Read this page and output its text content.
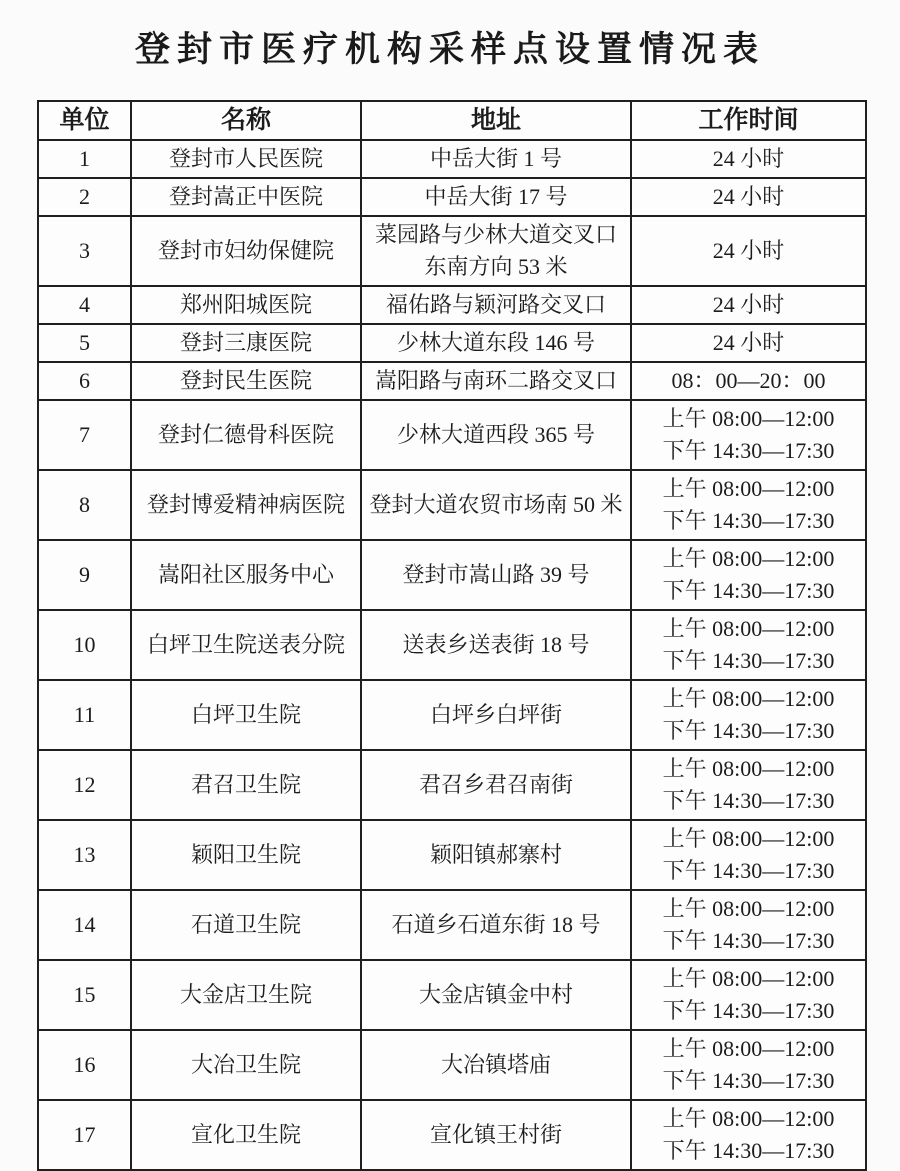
登封市医疗机构采样点设置情况表
单位	名称	地址	工作时间

1	登封市人民医院	中岳大街 1 号	24 小时

2	登封嵩正中医院	中岳大街 17 号	24 小时

3	登封市妇幼保健院	菜园路与少林大道交叉口
东南方向 53 米	24 小时

4	郑州阳城医院	福佑路与颖河路交叉口	24 小时

5	登封三康医院	少林大道东段 146 号	24 小时

6	登封民生医院	嵩阳路与南环二路交叉口	08：00—20：00

7	登封仁德骨科医院	少林大道西段 365 号	上午 08:00—12:00
下午 14:30—17:30

8	登封博爱精神病医院	登封大道农贸市场南 50 米	上午 08:00—12:00
下午 14:30—17:30

9	嵩阳社区服务中心	登封市嵩山路 39 号	上午 08:00—12:00
下午 14:30—17:30

10	白坪卫生院送表分院	送表乡送表街 18 号	上午 08:00—12:00
下午 14:30—17:30

11	白坪卫生院	白坪乡白坪街	上午 08:00—12:00
下午 14:30—17:30

12	君召卫生院	君召乡君召南街	上午 08:00—12:00
下午 14:30—17:30

13	颖阳卫生院	颖阳镇郝寨村	上午 08:00—12:00
下午 14:30—17:30

14	石道卫生院	石道乡石道东街 18 号	上午 08:00—12:00
下午 14:30—17:30

15	大金店卫生院	大金店镇金中村	上午 08:00—12:00
下午 14:30—17:30

16	大冶卫生院	大冶镇塔庙	上午 08:00—12:00
下午 14:30—17:30

17	宣化卫生院	宣化镇王村街	上午 08:00—12:00
下午 14:30—17:30
